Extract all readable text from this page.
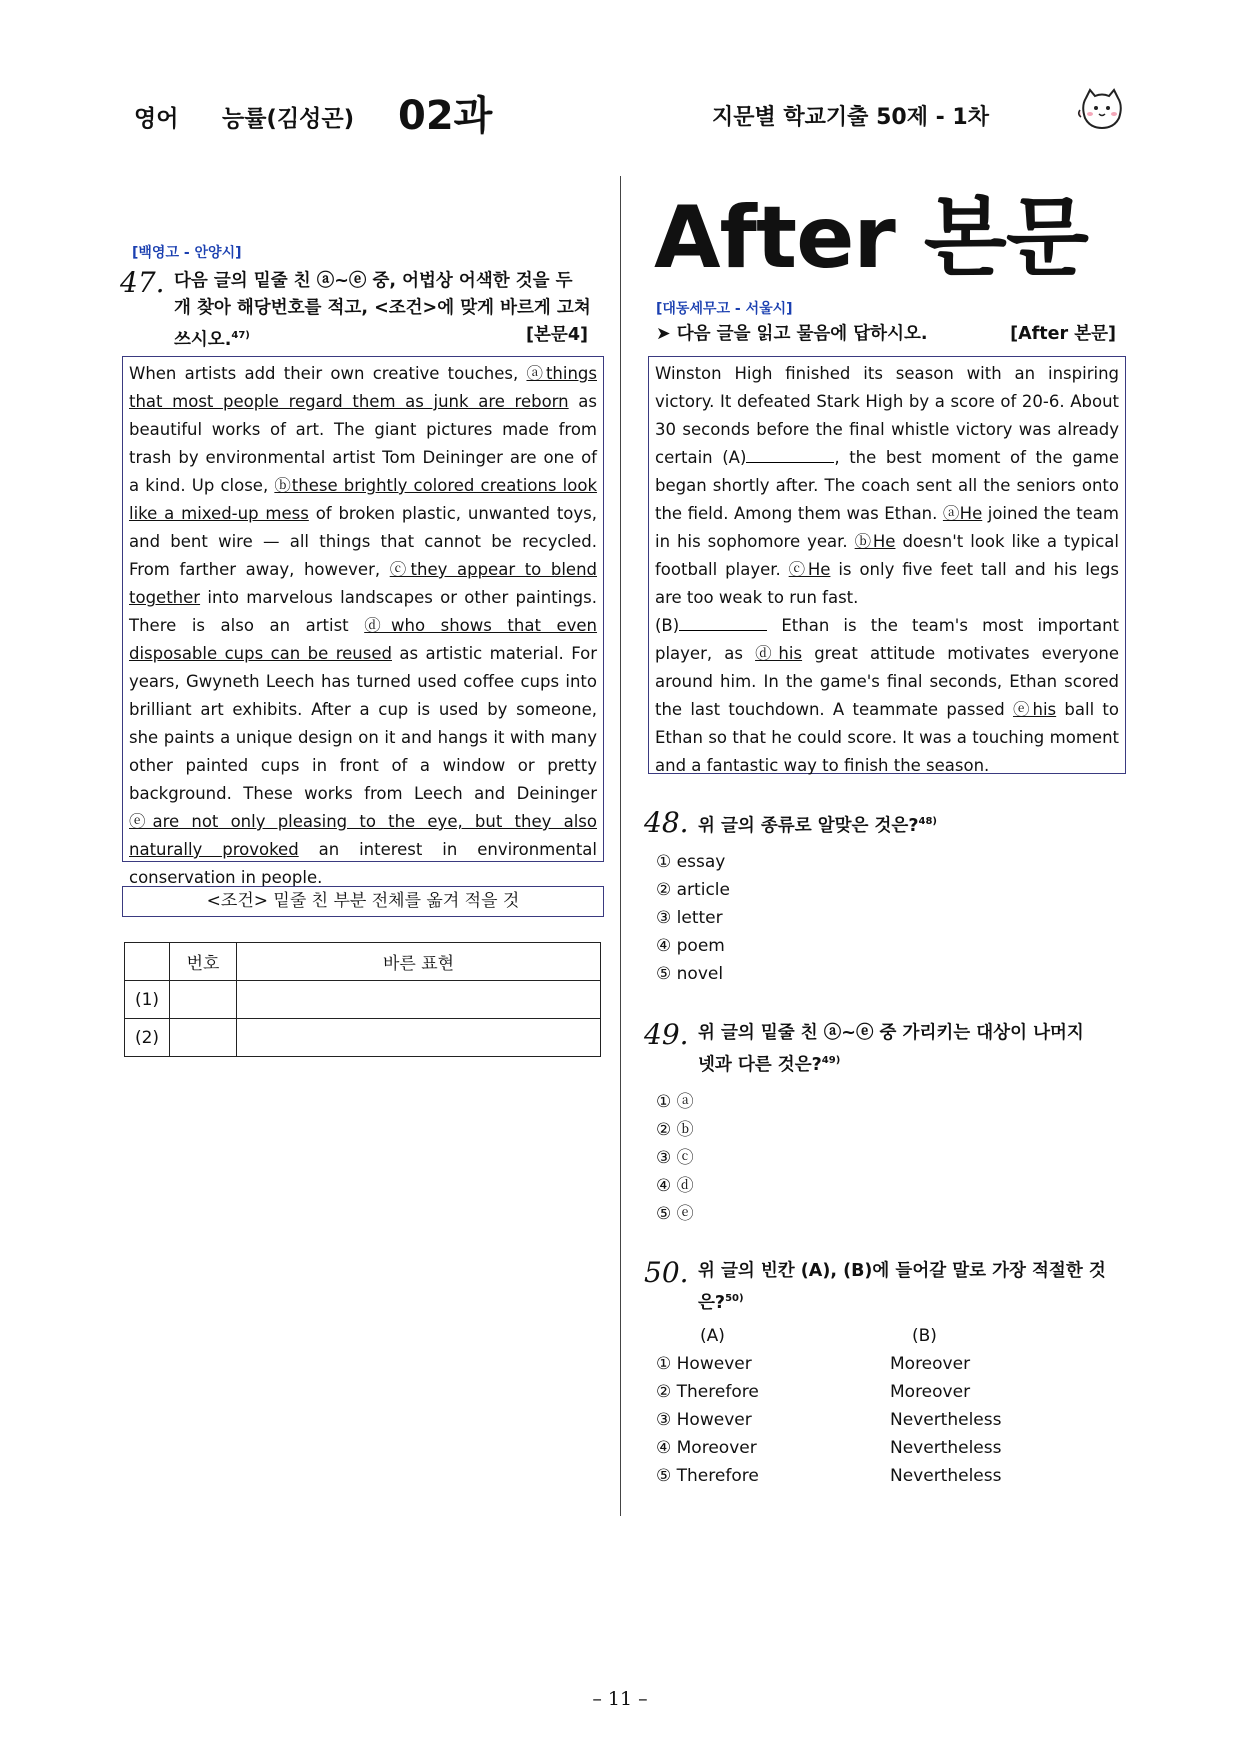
영어 능률(김성곤) 02과	지문별 학교기출 50제 - 1차
After 본문
[백영고 - 안양시]
47. 다음 글의 밑줄 친 ⓐ~ⓔ 중, 어법상 어색한 것을 두
개 찾아 해당번호를 적고, <조건>에 맞게 바르게 고쳐
쓰시오.$^{47)}$	[본문4]
When artists add their own creative touches, ⓐthings that most people regard them as junk are reborn as beautiful works of art. The giant pictures made from trash by environmental artist Tom Deininger are one of a kind. Up close, ⓑthese brightly colored creations look like a mixed-up mess of broken plastic, unwanted toys, and bent wire — all things that cannot be recycled. From farther away, however, ⓒthey appear to blend together into marvelous landscapes or other paintings. There is also an artist ⓓwho shows that even disposable cups can be reused as artistic material. For years, Gwyneth Leech has turned used coffee cups into brilliant art exhibits. After a cup is used by someone, she paints a unique design on it and hangs it with many other painted cups in front of a window or pretty background. These works from Leech and Deininger ⓔare not only pleasing to the eye, but they also naturally provoked an interest in environmental conservation in people.
<조건> 밑줄 친 부분 전체를 옮겨 적을 것
	번호	바른 표현
(1)		
(2)		
[대동세무고 - 서울시]
➤ 다음 글을 읽고 물음에 답하시오.	[After 본문]
Winston High finished its season with an inspiring victory. It defeated Stark High by a score of 20-6. About 30 seconds before the final whistle victory was already certain (A)	, the best moment of the game began shortly after. The coach sent all the seniors onto the field. Among them was Ethan. ⓐHe joined the team in his sophomore year. ⓑHe doesn't look like a typical football player. ⓒHe is only five feet tall and his legs are too weak to run fast.
(B)	Ethan is the team's most important player, as ⓓhis great attitude motivates everyone around him. In the game's final seconds, Ethan scored the last touchdown. A teammate passed ⓔhis ball to Ethan so that he could score. It was a touching moment and a fantastic way to finish the season.
48. 위 글의 종류로 알맞은 것은?$^{48)}$
① essay
② article
③ letter
④ poem
⑤ novel
49. 위 글의 밑줄 친 ⓐ~ⓔ 중 가리키는 대상이 나머지
넷과 다른 것은?$^{49)}$
① ⓐ
② ⓑ
③ ⓒ
④ ⓓ
⑤ ⓔ
50. 위 글의 빈칸 (A), (B)에 들어갈 말로 가장 적절한 것
은?$^{50)}$
(A)	(B)
① However	Moreover
② Therefore	Moreover
③ However	Nevertheless
④ Moreover	Nevertheless
⑤ Therefore	Nevertheless
– 11 –
